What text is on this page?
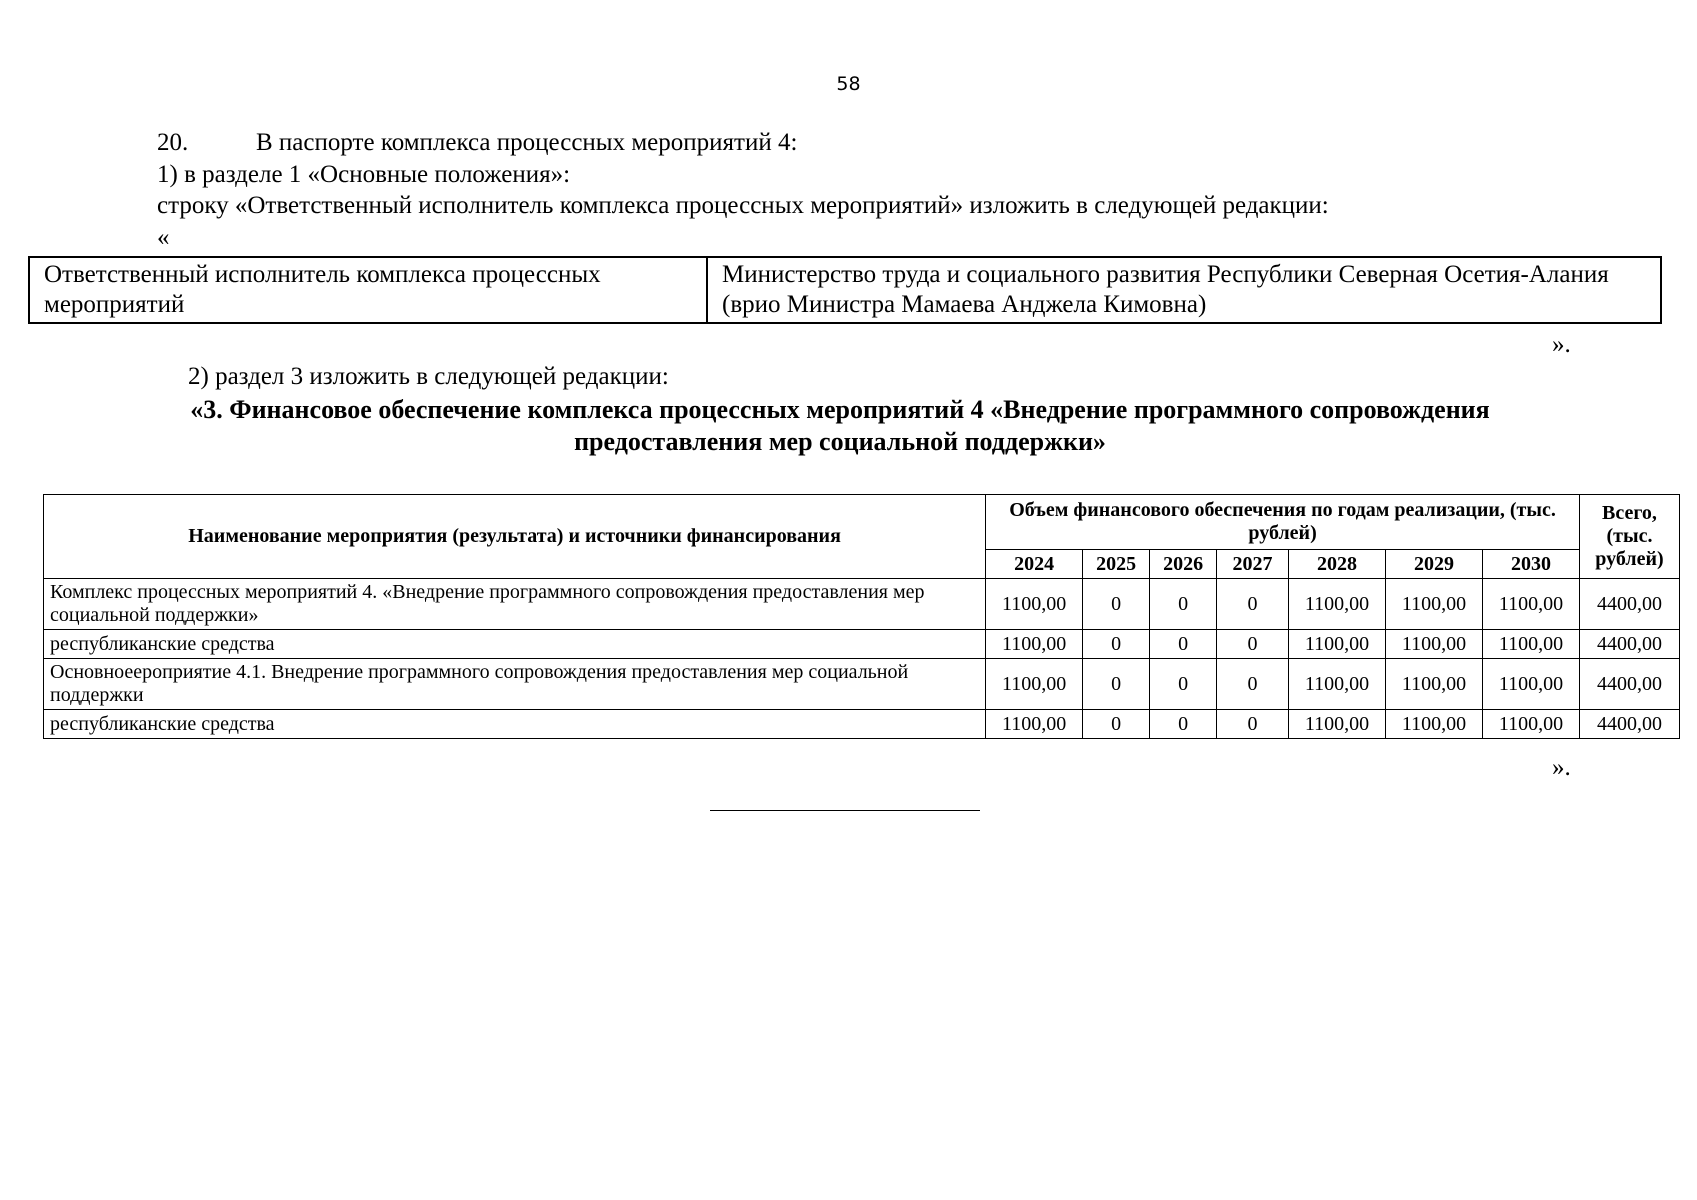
58
20.	В паспорте комплекса процессных мероприятий 4:
1) в разделе 1 «Основные положения»:
строку «Ответственный исполнитель комплекса процессных мероприятий» изложить в следующей редакции:
«
Ответственный исполнитель комплекса процессных мероприятий	Министерство труда и социального развития Республики Северная Осетия-Алания (врио Министра Мамаева Анджела Кимовна)
».
2) раздел 3 изложить в следующей редакции:
«3. Финансовое обеспечение комплекса процессных мероприятий 4 «Внедрение программного сопровождения
предоставления мер социальной поддержки»
Наименование мероприятия (результата) и источники финансирования	Объем финансового обеспечения по годам реализации, (тыс. рублей)							Всего, (тыс. рублей)
	2024	2025	2026	2027	2028	2029	2030	
Комплекс процессных мероприятий 4. «Внедрение программного сопровождения предоставления мер социальной поддержки»	1100,00	0	0	0	1100,00	1100,00	1100,00	4400,00
республиканские средства	1100,00	0	0	0	1100,00	1100,00	1100,00	4400,00
Основноеероприятие 4.1. Внедрение программного сопровождения предоставления мер социальной поддержки	1100,00	0	0	0	1100,00	1100,00	1100,00	4400,00
республиканские средства	1100,00	0	0	0	1100,00	1100,00	1100,00	4400,00
».
